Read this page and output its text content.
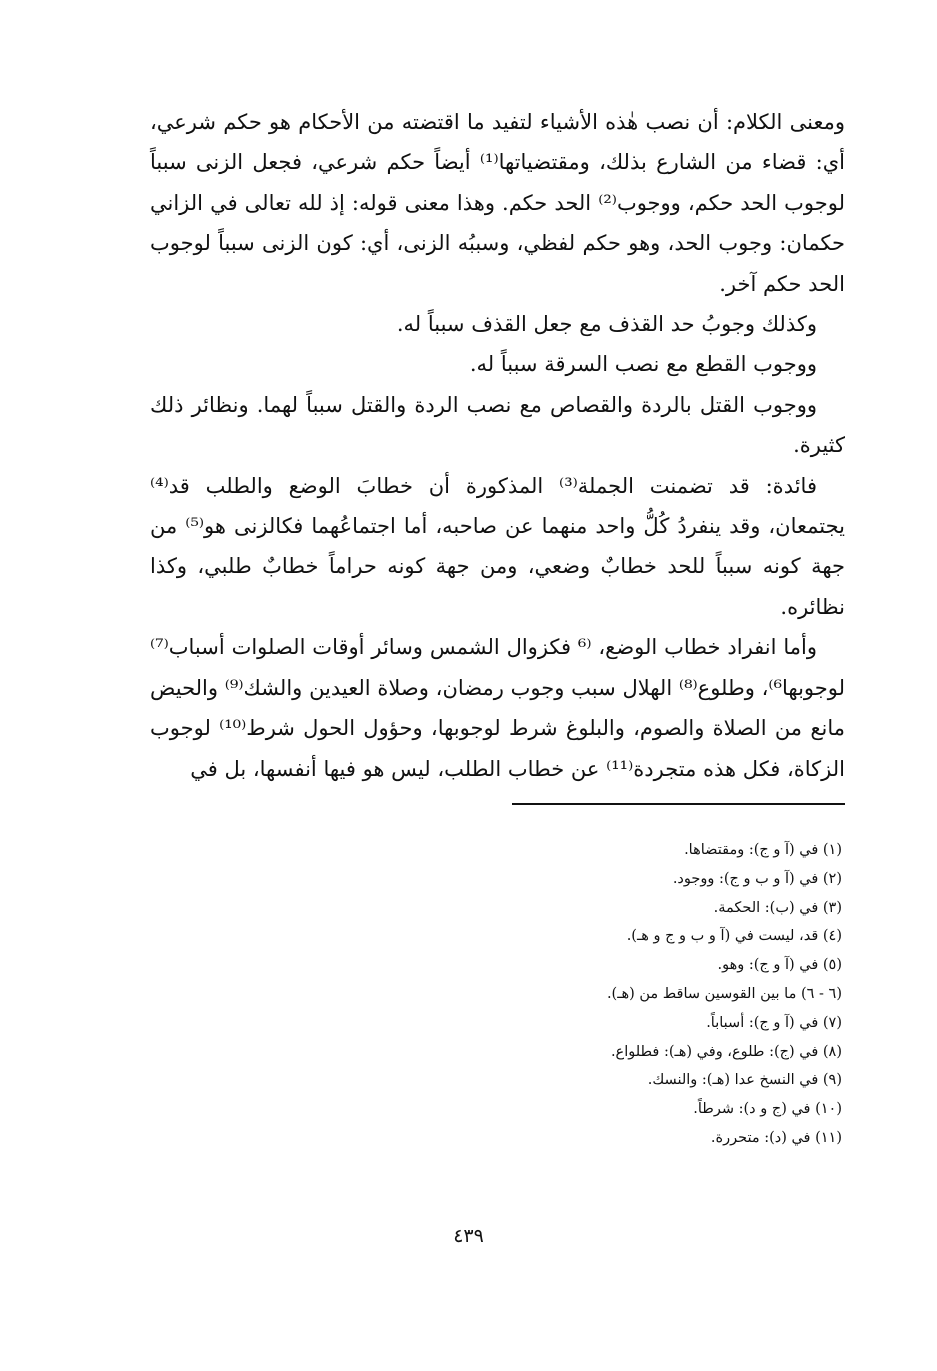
ومعنى الكلام: أن نصب هٰذه الأشياء لتفيد ما اقتضته من الأحكام هو حكم شرعي، أي: قضاء من الشارع بذلك، ومقتضياتها⁽¹⁾ أيضاً حكم شرعي، فجعل الزنى سبباً لوجوب الحد حكم، ووجوب⁽²⁾ الحد حكم. وهذا معنى قوله: إذ لله تعالى في الزاني حكمان: وجوب الحد، وهو حكم لفظي، وسببُه الزنى، أي: كون الزنى سبباً لوجوب الحد حكم آخر.

وكذلك وجوبُ حد القذف مع جعل القذف سبباً له.

ووجوب القطع مع نصب السرقة سبباً له.

ووجوب القتل بالردة والقصاص مع نصب الردة والقتل سبباً لهما. ونظائر ذلك كثيرة.

فائدة: قد تضمنت الجملة⁽³⁾ المذكورة أن خطابَ الوضع والطلب قد⁽⁴⁾ يجتمعان، وقد ينفردُ كُلُّ واحد منهما عن صاحبه، أما اجتماعُهما فكالزنى هو⁽⁵⁾ من جهة كونه سبباً للحد خطابٌ وضعي، ومن جهة كونه حراماً خطابٌ طلبي، وكذا نظائره.

وأما انفراد خطاب الوضع، ⁽⁶ فكزوال الشمس وسائر أوقات الصلوات أسباب⁽⁷⁾ لوجوبها⁶⁾، وطلوع⁽⁸⁾ الهلال سبب وجوب رمضان، وصلاة العيدين والشك⁽⁹⁾ والحيض مانع من الصلاة والصوم، والبلوغ شرط لوجوبها، وحؤول الحول شرط⁽¹⁰⁾ لوجوب الزكاة، فكل هذه متجردة⁽¹¹⁾ عن خطاب الطلب، ليس هو فيها أنفسها، بل في

(١) في (آ و ج): ومقتضاها.
(٢) في (آ و ب و ج): ووجود.
(٣) في (ب): الحكمة.
(٤) قد، ليست في (آ و ب و ج و هـ).
(٥) في (آ و ج): وهو.
(٦ - ٦) ما بين القوسين ساقط من (هـ).
(٧) في (آ و ج): أسباباً.
(٨) في (ج): طلوع، وفي (هـ): فطلواع.
(٩) في النسخ عدا (هـ): والنسك.
(١٠) في (ج و د): شرطاً.
(١١) في (د): متحررة.
٤٣٩
